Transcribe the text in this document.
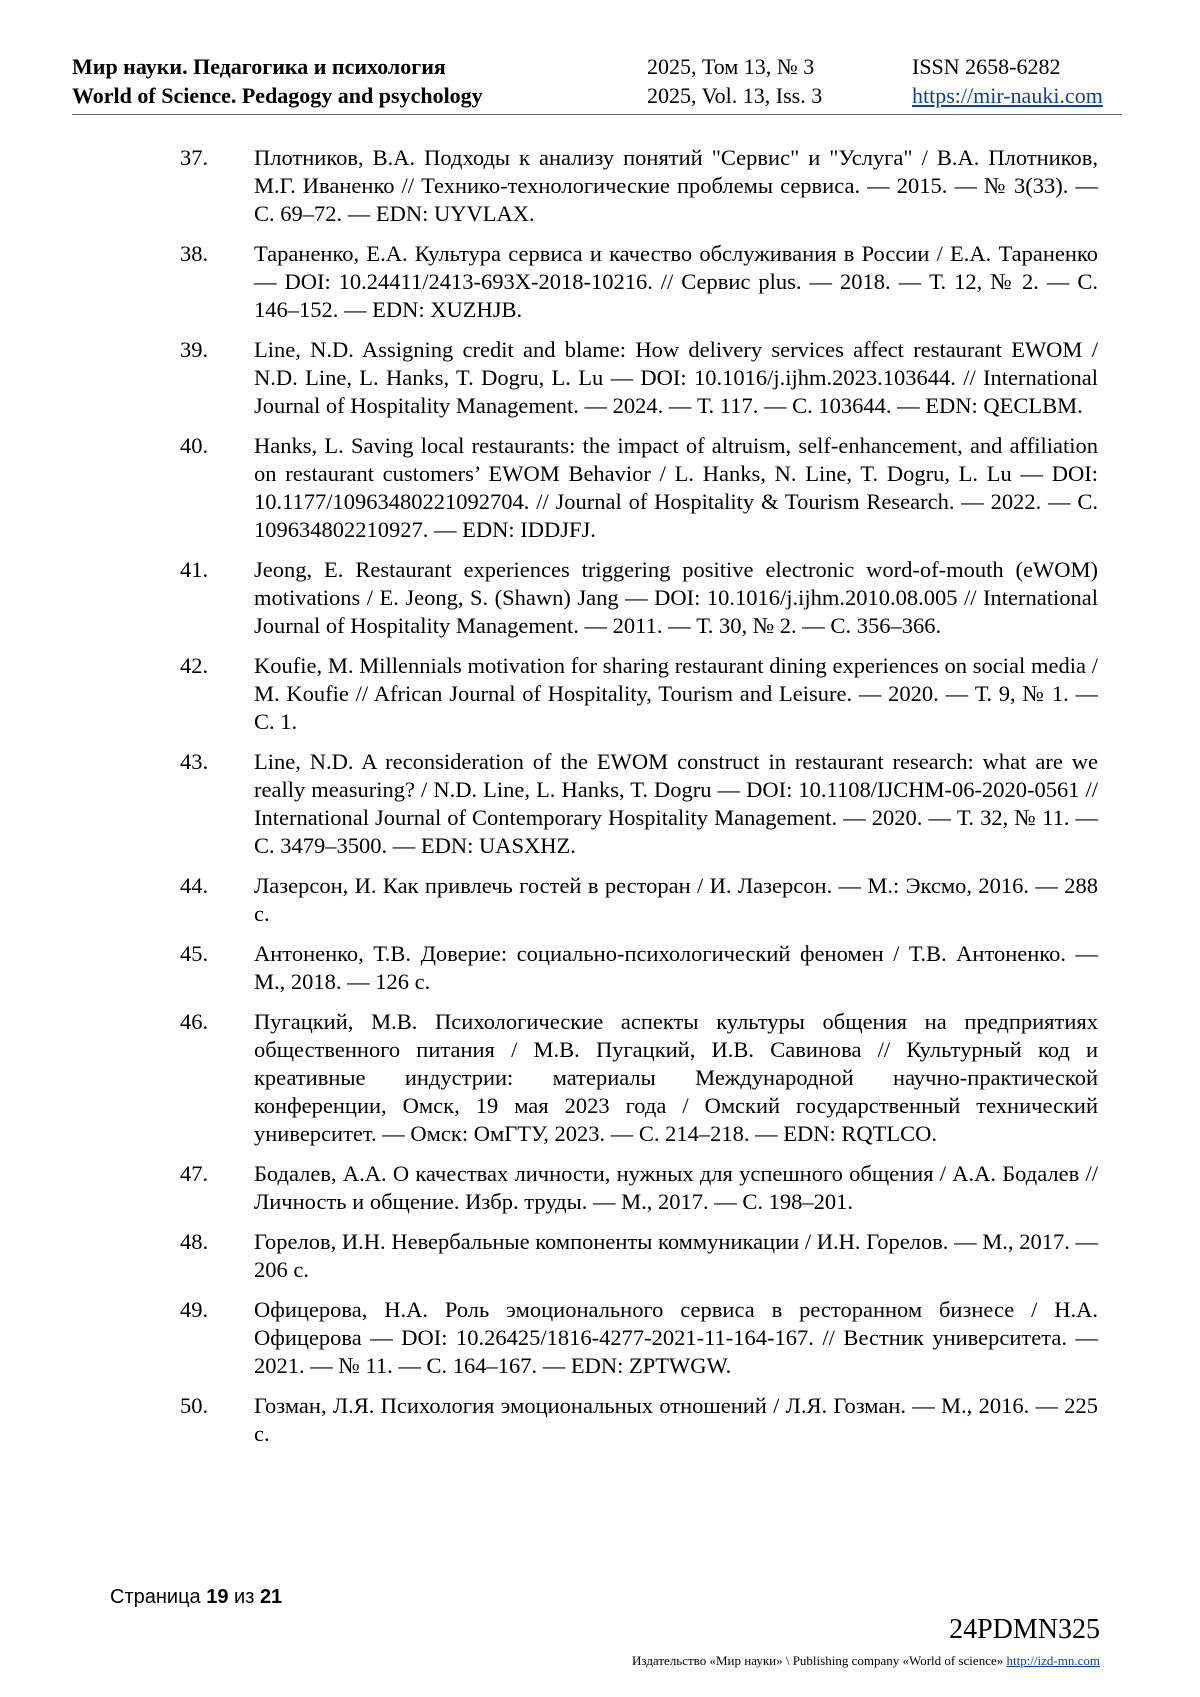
Мир науки. Педагогика и психология
World of Science. Pedagogy and psychology
2025, Том 13, № 3
2025, Vol. 13, Iss. 3
ISSN 2658-6282
https://mir-nauki.com
37.	Плотников, В.А. Подходы к анализу понятий "Сервис" и "Услуга" / В.А. Плотников, М.Г. Иваненко // Технико-технологические проблемы сервиса. — 2015. — № 3(33). — С. 69–72. — EDN: UYVLAX.
38.	Тараненко, Е.А. Культура сервиса и качество обслуживания в России / Е.А. Тараненко — DOI: 10.24411/2413-693X-2018-10216. // Сервис plus. — 2018. — Т. 12, № 2. — С. 146–152. — EDN: XUZHJB.
39.	Line, N.D. Assigning credit and blame: How delivery services affect restaurant EWOM / N.D. Line, L. Hanks, T. Dogru, L. Lu — DOI: 10.1016/j.ijhm.2023.103644. // International Journal of Hospitality Management. — 2024. — Т. 117. — С. 103644. — EDN: QECLBM.
40.	Hanks, L. Saving local restaurants: the impact of altruism, self-enhancement, and affiliation on restaurant customers’ EWOM Behavior / L. Hanks, N. Line, T. Dogru, L. Lu — DOI: 10.1177/10963480221092704. // Journal of Hospitality & Tourism Research. — 2022. — С. 109634802210927. — EDN: IDDJFJ.
41.	Jeong, E. Restaurant experiences triggering positive electronic word-of-mouth (eWOM) motivations / E. Jeong, S. (Shawn) Jang — DOI: 10.1016/j.ijhm.2010.08.005 // International Journal of Hospitality Management. — 2011. — Т. 30, № 2. — С. 356–366.
42.	Koufie, M. Millennials motivation for sharing restaurant dining experiences on social media / M. Koufie // African Journal of Hospitality, Tourism and Leisure. — 2020. — Т. 9, № 1. — С. 1.
43.	Line, N.D. A reconsideration of the EWOM construct in restaurant research: what are we really measuring? / N.D. Line, L. Hanks, T. Dogru — DOI: 10.1108/IJCHM-06-2020-0561 // International Journal of Contemporary Hospitality Management. — 2020. — Т. 32, № 11. — С. 3479–3500. — EDN: UASXHZ.
44.	Лазерсон, И. Как привлечь гостей в ресторан / И. Лазерсон. — М.: Эксмо, 2016. — 288 с.
45.	Антоненко, Т.В. Доверие: социально-психологический феномен / Т.В. Антоненко. — М., 2018. — 126 с.
46.	Пугацкий, М.В. Психологические аспекты культуры общения на предприятиях общественного питания / М.В. Пугацкий, И.В. Савинова // Культурный код и креативные индустрии: материалы Международной научно-практической конференции, Омск, 19 мая 2023 года / Омский государственный технический университет. — Омск: ОмГТУ, 2023. — С. 214–218. — EDN: RQTLCO.
47.	Бодалев, А.А. О качествах личности, нужных для успешного общения / А.А. Бодалев // Личность и общение. Избр. труды. — М., 2017. — С. 198–201.
48.	Горелов, И.Н. Невербальные компоненты коммуникации / И.Н. Горелов. — М., 2017. — 206 с.
49.	Офицерова, Н.А. Роль эмоционального сервиса в ресторанном бизнесе / Н.А. Офицерова — DOI: 10.26425/1816-4277-2021-11-164-167. // Вестник университета. — 2021. — № 11. — С. 164–167. — EDN: ZPTWGW.
50.	Гозман, Л.Я. Психология эмоциональных отношений / Л.Я. Гозман. — М., 2016. — 225 с.
Страница 19 из 21
24PDMN325
Издательство «Мир науки» \ Publishing company «World of science» http://izd-mn.com
